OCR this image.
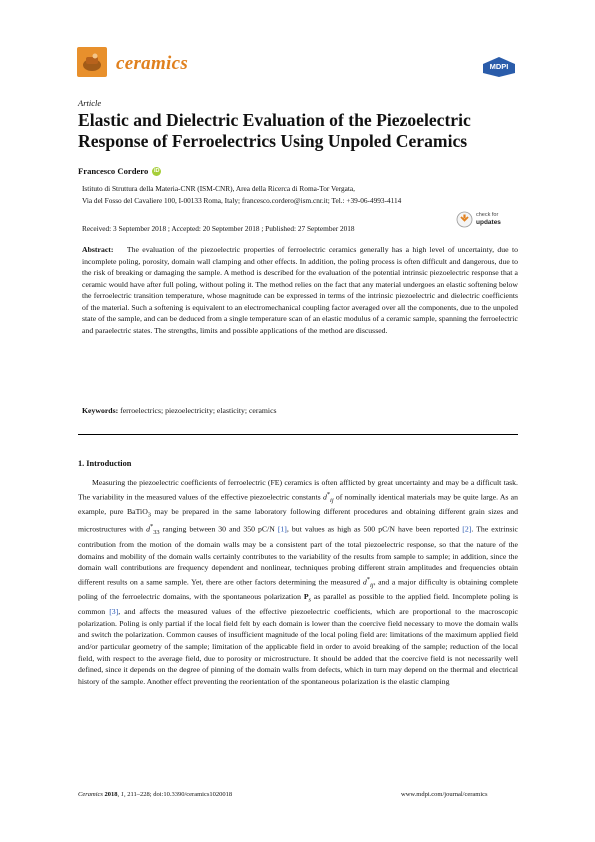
ceramics	MDPI
Article
Elastic and Dielectric Evaluation of the Piezoelectric Response of Ferroelectrics Using Unpoled Ceramics
Francesco Cordero	iD
Istituto di Struttura della Materia-CNR (ISM-CNR), Area della Ricerca di Roma-Tor Vergata,
Via del Fosso del Cavaliere 100, I-00133 Roma, Italy; francesco.cordero@ism.cnr.it; Tel.: +39-06-4993-4114
check for
updates
Received: 3 September 2018 ; Accepted: 20 September 2018 ; Published: 27 September 2018
Abstract: The evaluation of the piezoelectric properties of ferroelectric ceramics generally has a high level of uncertainty, due to incomplete poling, porosity, domain wall clamping and other effects. In addition, the poling process is often difficult and dangerous, due to the risk of breaking or damaging the sample. A method is described for the evaluation of the potential intrinsic piezoelectric response that a ceramic would have after full poling, without poling it. The method relies on the fact that any material undergoes an elastic softening below the ferroelectric transition temperature, whose magnitude can be expressed in terms of the intrinsic piezoelectric and dielectric coefficients of the material. Such a softening is equivalent to an electromechanical coupling factor averaged over all the components, due to the unpoled state of the sample, and can be deduced from a single temperature scan of an elastic modulus of a ceramic sample, spanning the ferroelectric and paraelectric states. The strengths, limits and possible applications of the method are discussed.
Keywords: ferroelectrics; piezoelectricity; elasticity; ceramics
1. Introduction

Measuring the piezoelectric coefficients of ferroelectric (FE) ceramics is often afflicted by great uncertainty and may be a difficult task. The variability in the measured values of the effective piezoelectric constants $d^*_{ij}$ of nominally identical materials may be quite large. As an example, pure BaTiO$_3$ may be prepared in the same laboratory following different procedures and obtaining different grain sizes and microstructures with $d^*_{33}$ ranging between 30 and 350 pC/N [1], but values as high as 500 pC/N have been reported [2]. The extrinsic contribution from the motion of the domain walls may be a consistent part of the total piezoelectric response, so that the nature of the domains and mobility of the domain walls certainly contributes to the variability of the results from sample to sample; in addition, since the domain wall contributions are frequency dependent and nonlinear, techniques probing different strain amplitudes and frequencies obtain different results on a same sample. Yet, there are other factors determining the measured $d^*_{ij}$, and a major difficulty is obtaining complete poling of the ferroelectric domains, with the spontaneous polarization $P_s$ as parallel as possible to the applied field. Incomplete poling is common [3], and affects the measured values of the effective piezoelectric coefficients, which are proportional to the macroscopic polarization. Poling is only partial if the local field felt by each domain is lower than the coercive field necessary to move the domain walls and switch the polarization. Common causes of insufficient magnitude of the local poling field are: limitations of the maximum applied field and/or particular geometry of the sample; limitation of the applicable field in order to avoid breaking of the sample; reduction of the local field, with respect to the average field, due to porosity or microstructure. It should be added that the coercive field is not necessarily well defined, since it depends on the degree of pinning of the domain walls from defects, which in turn may depend on the thermal and electrical history of the sample. Another effect preventing the reorientation of the spontaneous polarization is the elastic clamping

Ceramics 2018, 1, 211–228; doi:10.3390/ceramics1020018	www.mdpi.com/journal/ceramics
